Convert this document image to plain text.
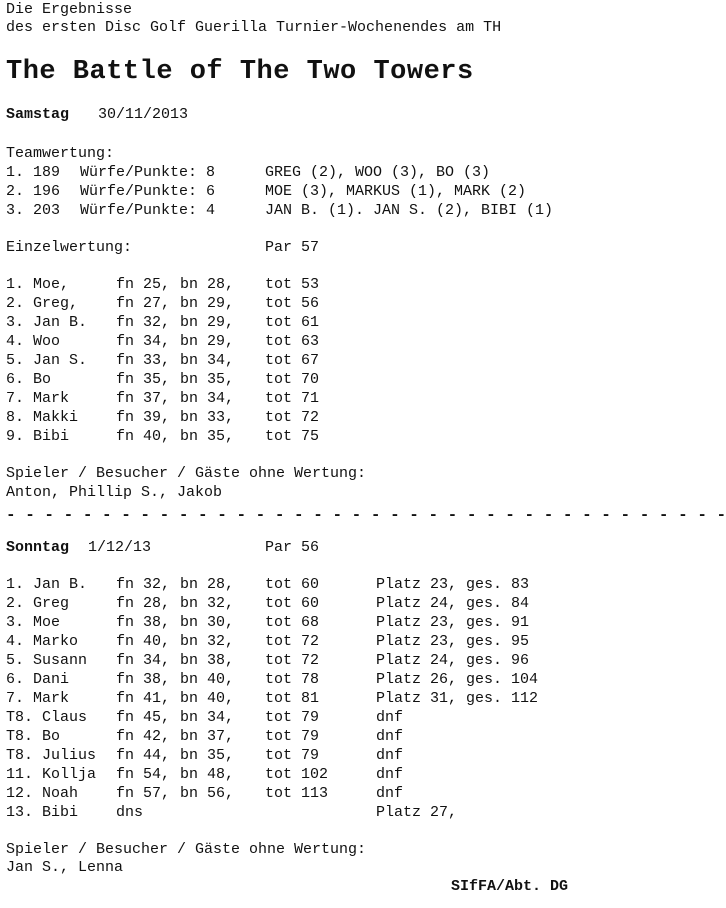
Die Ergebnisse
des ersten Disc Golf Guerilla Turnier-Wochenendes am TH
The Battle of The Two Towers
Samstag 30/11/2013
Teamwertung:
1. 189 Würfe/Punkte: 8	GREG (2), WOO (3), BO (3)
2. 196 Würfe/Punkte: 6	MOE (3), MARKUS (1), MARK (2)
3. 203 Würfe/Punkte: 4	JAN B. (1). JAN S. (2), BIBI (1)
Einzelwertung:	Par 57
1. Moe,	fn 25, bn 28, tot 53
2. Greg,	fn 27, bn 29, tot 56
3. Jan B. fn 32, bn 29, tot 61
4. Woo	fn 34, bn 29, tot 63
5. Jan S. fn 33, bn 34, tot 67
6. Bo	fn 35, bn 35, tot 70
7. Mark	fn 37, bn 34, tot 71
8. Makki	fn 39, bn 33, tot 72
9. Bibi	fn 40, bn 35, tot 75
Spieler / Besucher / Gäste ohne Wertung:
Anton, Phillip S., Jakob
- - - - - - - - - - - - - - - - - - - - - - - - - - - - - - - - - - - - - -
Sonntag 1/12/13	Par 56
1. Jan B. fn 32, bn 28, tot 60	Platz 23, ges. 83
2. Greg	fn 28, bn 32, tot 60	Platz 24, ges. 84
3. Moe	fn 38, bn 30, tot 68	Platz 23, ges. 91
4. Marko	fn 40, bn 32, tot 72	Platz 23, ges. 95
5. Susann fn 34, bn 38, tot 72	Platz 24, ges. 96
6. Dani	fn 38, bn 40, tot 78	Platz 26, ges. 104
7. Mark	fn 41, bn 40, tot 81	Platz 31, ges. 112
T8. Claus fn 45, bn 34, tot 79	dnf
T8. Bo	fn 42, bn 37, tot 79	dnf
T8. Julius fn 44, bn 35, tot 79	dnf
11. Kollja fn 54, bn 48, tot 102	dnf
12. Noah	fn 57, bn 56, tot 113	dnf
13. Bibi	dns	Platz 27,
Spieler / Besucher / Gäste ohne Wertung:
Jan S., Lenna
SIfFA/Abt. DG
